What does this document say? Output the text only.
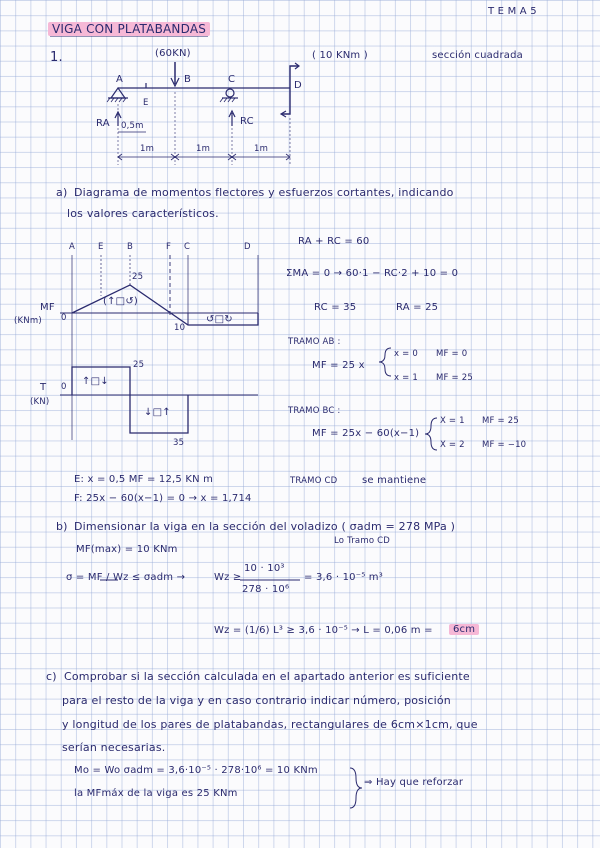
T E M A 5
VIGA CON PLATABANDAS
1.	(60KN)	( 10 KNm )	sección cuadrada
A
E
B	C
D
RA	RC
0,5m
1m	1m	1m
a) Diagrama de momentos flectores y esfuerzos cortantes, indicando
los valores característicos.
A	E	B	F C	D
MF
(KNm) 0
25
10
(↑□↺)
↺□↻
T
(KN)
0 ↑□↓
25
↓□↑
35
RA + RC = 60
ΣMA = 0 → 60·1 − RC·2 + 10 = 0
RC = 35	RA = 25
TRAMO AB :
MF = 25 x
x = 0 MF = 0
x = 1 MF = 25
TRAMO BC :
MF = 25x − 60(x−1)
X = 1 MF = 25
X = 2 MF = −10
E: x = 0,5 MF = 12,5 KN m
F: 25x − 60(x−1) = 0 → x = 1,714
TRAMO CD se mantiene
b) Dimensionar la viga en la sección del voladizo ( σadm = 278 MPa )
Lo Tramo CD
MF(max) = 10 KNm
σ = MF / Wz ≤ σadm →	Wz ≥
10 · 10³
278 · 10⁶
= 3,6 · 10⁻⁵ m³
Wz = (1/6) L³ ≥ 3,6 · 10⁻⁵ → L = 0,06 m =	6cm
c) Comprobar si la sección calculada en el apartado anterior es suficiente
para el resto de la viga y en caso contrario indicar número, posición
y longitud de los pares de platabandas, rectangulares de 6cm×1cm, que
serían necesarias.
Mo = Wo σadm = 3,6·10⁻⁵ · 278·10⁶ = 10 KNm
la MFmáx de la viga es 25 KNm
⇒ Hay que reforzar
